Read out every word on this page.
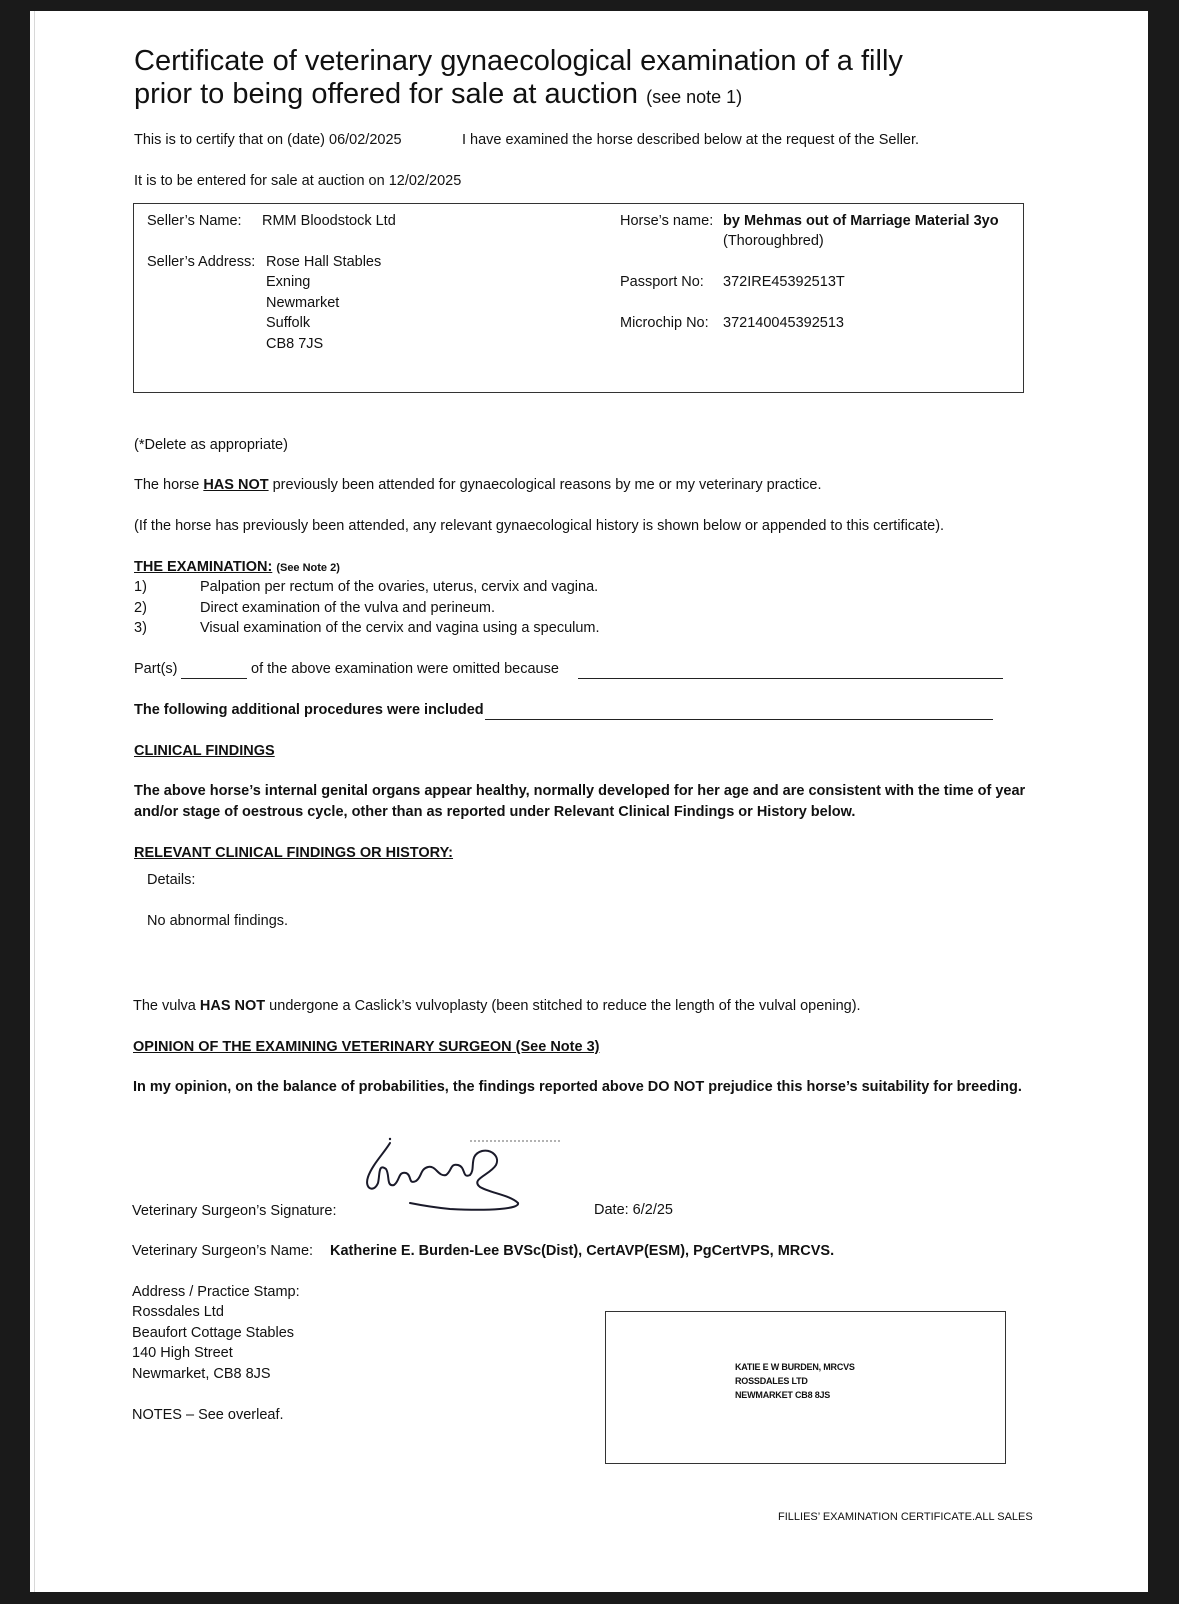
Certificate of veterinary gynaecological examination of a filly
prior to being offered for sale at auction (see note 1)
This is to certify that on (date) 06/02/2025	I have examined the horse described below at the request of the Seller.
It is to be entered for sale at auction on 12/02/2025
Seller’s Name: RMM Bloodstock Ltd
Seller’s Address: Rose Hall Stables
Exning
Newmarket
Suffolk
CB8 7JS
Horse’s name: by Mehmas out of Marriage Material 3yo
(Thoroughbred)
Passport No: 372IRE45392513T
Microchip No: 372140045392513
(*Delete as appropriate)
The horse HAS NOT previously been attended for gynaecological reasons by me or my veterinary practice.
(If the horse has previously been attended, any relevant gynaecological history is shown below or appended to this certificate).
THE EXAMINATION: (See Note 2)
1)	Palpation per rectum of the ovaries, uterus, cervix and vagina.
2)	Direct examination of the vulva and perineum.
3)	Visual examination of the cervix and vagina using a speculum.
Part(s)	of the above examination were omitted because
The following additional procedures were included
CLINICAL FINDINGS
The above horse’s internal genital organs appear healthy, normally developed for her age and are consistent with the time of year
and/or stage of oestrous cycle, other than as reported under Relevant Clinical Findings or History below.
RELEVANT CLINICAL FINDINGS OR HISTORY:
Details:
No abnormal findings.
The vulva HAS NOT undergone a Caslick’s vulvoplasty (been stitched to reduce the length of the vulval opening).
OPINION OF THE EXAMINING VETERINARY SURGEON (See Note 3)
In my opinion, on the balance of probabilities, the findings reported above DO NOT prejudice this horse’s suitability for breeding.
Veterinary Surgeon’s Signature:	Date: 6/2/25
Veterinary Surgeon’s Name: Katherine E. Burden-Lee BVSc(Dist), CertAVP(ESM), PgCertVPS, MRCVS.
Address / Practice Stamp:
Rossdales Ltd
Beaufort Cottage Stables
140 High Street
Newmarket, CB8 8JS	KATIE E W BURDEN, MRCVS
ROSSDALES LTD
NEWMARKET CB8 8JS
NOTES – See overleaf.
FILLIES’ EXAMINATION CERTIFICATE.ALL SALES
